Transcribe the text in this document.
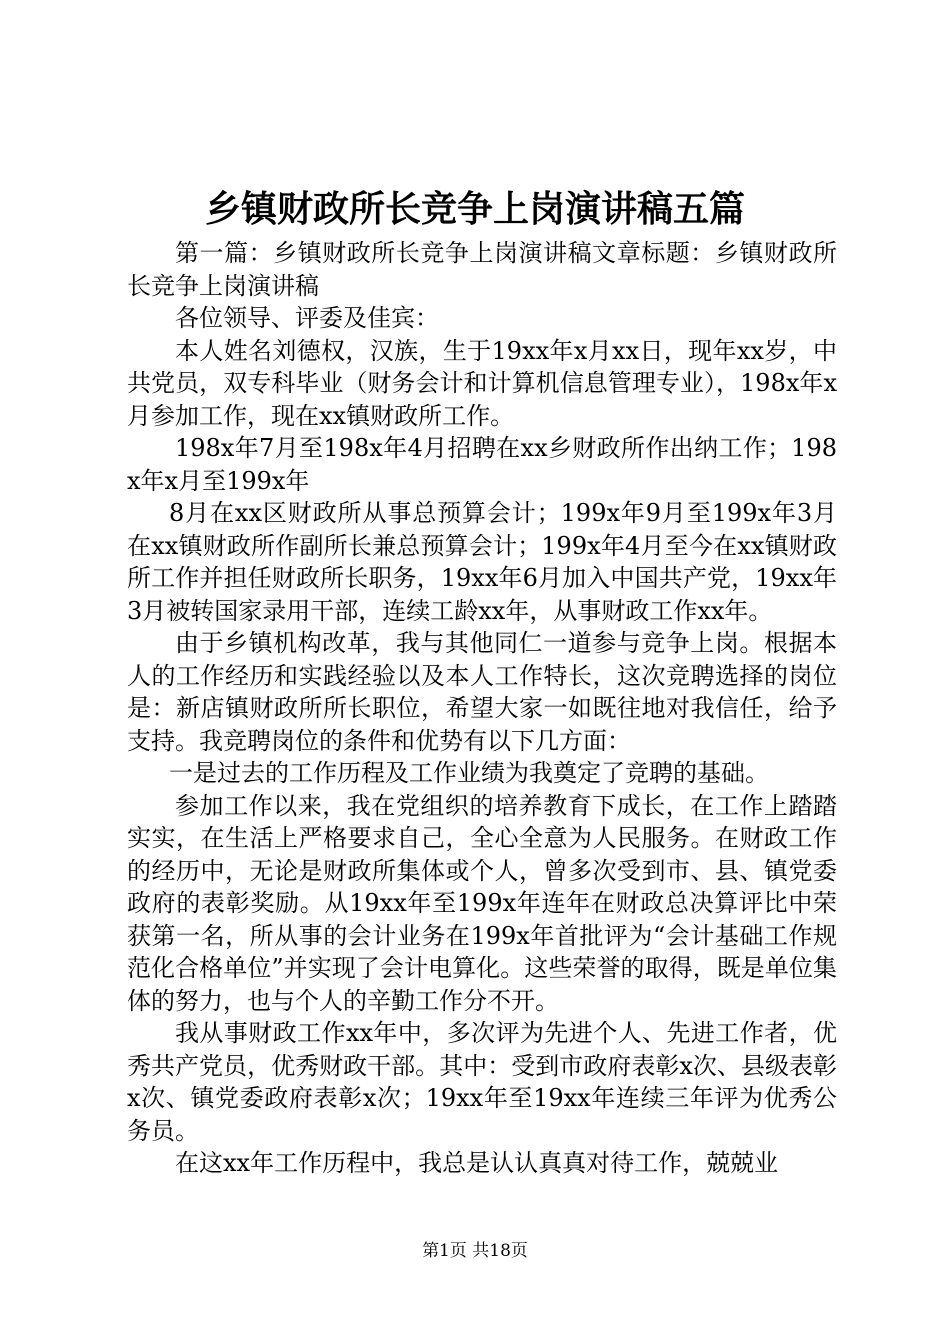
乡镇财政所长竞争上岗演讲稿五篇

第一篇：乡镇财政所长竞争上岗演讲稿文章标题：乡镇财政所长竞争上岗演讲稿

各位领导、评委及佳宾：

本人姓名刘德权，汉族，生于19xx年x月xx日，现年xx岁，中共党员，双专科毕业（财务会计和计算机信息管理专业），198x年x月参加工作，现在xx镇财政所工作。

198x年7月至198x年4月招聘在xx乡财政所作出纳工作；198x年x月至199x年

8月在xx区财政所从事总预算会计；199x年9月至199x年3月在xx镇财政所作副所长兼总预算会计；199x年4月至今在xx镇财政所工作并担任财政所长职务，19xx年6月加入中国共产党，19xx年3月被转国家录用干部，连续工龄xx年，从事财政工作xx年。

由于乡镇机构改革，我与其他同仁一道参与竞争上岗。根据本人的工作经历和实践经验以及本人工作特长，这次竞聘选择的岗位是：新店镇财政所所长职位，希望大家一如既往地对我信任，给予支持。我竞聘岗位的条件和优势有以下几方面：

一是过去的工作历程及工作业绩为我奠定了竞聘的基础。

参加工作以来，我在党组织的培养教育下成长，在工作上踏踏实实，在生活上严格要求自己，全心全意为人民服务。在财政工作的经历中，无论是财政所集体或个人，曾多次受到市、县、镇党委政府的表彰奖励。从19xx年至199x年连年在财政总决算评比中荣获第一名，所从事的会计业务在199x年首批评为“会计基础工作规范化合格单位”并实现了会计电算化。这些荣誉的取得，既是单位集体的努力，也与个人的辛勤工作分不开。

我从事财政工作xx年中，多次评为先进个人、先进工作者，优秀共产党员，优秀财政干部。其中：受到市政府表彰x次、县级表彰x次、镇党委政府表彰x次；19xx年至19xx年连续三年评为优秀公务员。

在这xx年工作历程中，我总是认认真真对待工作，兢兢业

第1页 共18页
